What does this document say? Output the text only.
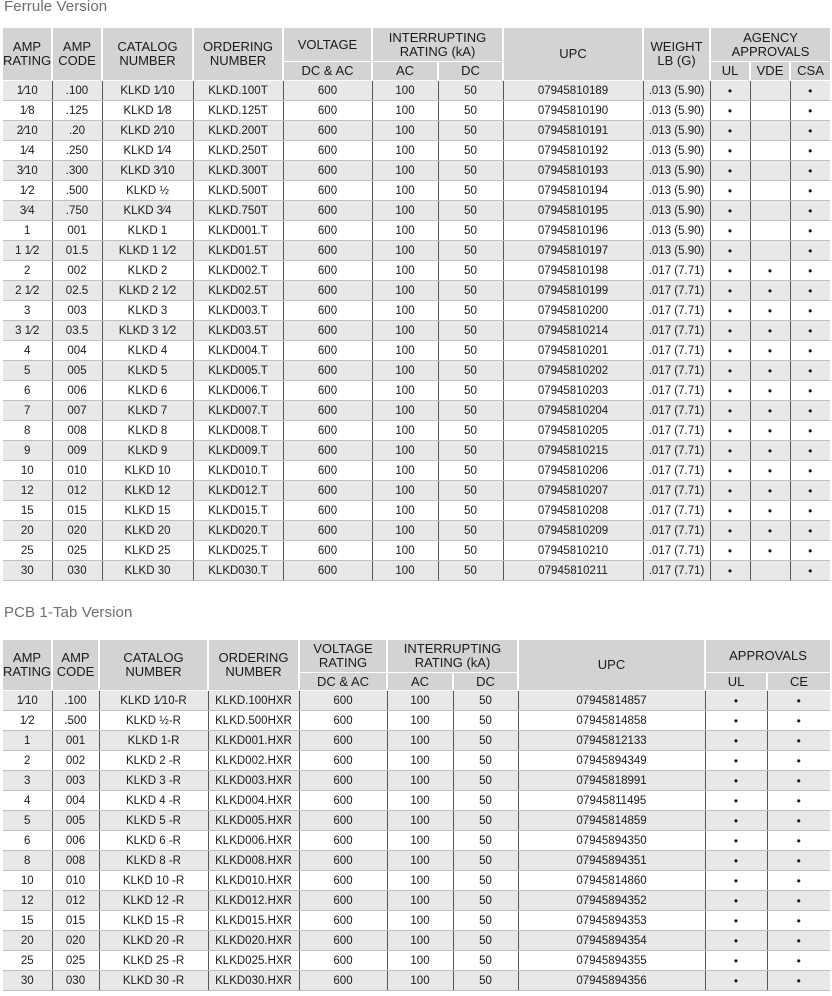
Ferrule Version
AMP RATING	AMP CODE	CATALOG NUMBER	ORDERING NUMBER	VOLTAGE	INTERRUPTING RATING (kA)		UPC	WEIGHT LB (G)	AGENCY APPROVALS		
				DC & AC	AC	DC			UL	VDE	CSA
1⁄10	.100	KLKD 1⁄10	KLKD.100T	600	100	50	07945810189	.013 (5.90)	•		•
1⁄8	.125	KLKD 1⁄8	KLKD.125T	600	100	50	07945810190	.013 (5.90)	•		•
2⁄10	.20	KLKD 2⁄10	KLKD.200T	600	100	50	07945810191	.013 (5.90)	•		•
1⁄4	.250	KLKD 1⁄4	KLKD.250T	600	100	50	07945810192	.013 (5.90)	•		•
3⁄10	.300	KLKD 3⁄10	KLKD.300T	600	100	50	07945810193	.013 (5.90)	•		•
1⁄2	.500	KLKD ½	KLKD.500T	600	100	50	07945810194	.013 (5.90)	•		•
3⁄4	.750	KLKD 3⁄4	KLKD.750T	600	100	50	07945810195	.013 (5.90)	•		•
1	001	KLKD 1	KLKD001.T	600	100	50	07945810196	.013 (5.90)	•		•
1 1⁄2	01.5	KLKD 1 1⁄2	KLKD01.5T	600	100	50	07945810197	.013 (5.90)	•		•
2	002	KLKD 2	KLKD002.T	600	100	50	07945810198	.017 (7.71)	•	•	•
2 1⁄2	02.5	KLKD 2 1⁄2	KLKD02.5T	600	100	50	07945810199	.017 (7.71)	•	•	•
3	003	KLKD 3	KLKD003.T	600	100	50	07945810200	.017 (7.71)	•	•	•
3 1⁄2	03.5	KLKD 3 1⁄2	KLKD03.5T	600	100	50	07945810214	.017 (7.71)	•	•	•
4	004	KLKD 4	KLKD004.T	600	100	50	07945810201	.017 (7.71)	•	•	•
5	005	KLKD 5	KLKD005.T	600	100	50	07945810202	.017 (7.71)	•	•	•
6	006	KLKD 6	KLKD006.T	600	100	50	07945810203	.017 (7.71)	•	•	•
7	007	KLKD 7	KLKD007.T	600	100	50	07945810204	.017 (7.71)	•	•	•
8	008	KLKD 8	KLKD008.T	600	100	50	07945810205	.017 (7.71)	•	•	•
9	009	KLKD 9	KLKD009.T	600	100	50	07945810215	.017 (7.71)	•	•	•
10	010	KLKD 10	KLKD010.T	600	100	50	07945810206	.017 (7.71)	•	•	•
12	012	KLKD 12	KLKD012.T	600	100	50	07945810207	.017 (7.71)	•	•	•
15	015	KLKD 15	KLKD015.T	600	100	50	07945810208	.017 (7.71)	•	•	•
20	020	KLKD 20	KLKD020.T	600	100	50	07945810209	.017 (7.71)	•	•	•
25	025	KLKD 25	KLKD025.T	600	100	50	07945810210	.017 (7.71)	•	•	•
30	030	KLKD 30	KLKD030.T	600	100	50	07945810211	.017 (7.71)	•		•
PCB 1-Tab Version
AMP RATING	AMP CODE	CATALOG NUMBER	ORDERING NUMBER	VOLTAGE RATING	INTERRUPTING RATING (kA)		UPC	APPROVALS	
				DC & AC	AC	DC		UL	CE
1⁄10	.100	KLKD 1⁄10-R	KLKD.100HXR	600	100	50	07945814857	•	•
1⁄2	.500	KLKD ½-R	KLKD.500HXR	600	100	50	07945814858	•	•
1	001	KLKD 1-R	KLKD001.HXR	600	100	50	07945812133	•	•
2	002	KLKD 2 -R	KLKD002.HXR	600	100	50	07945894349	•	•
3	003	KLKD 3 -R	KLKD003.HXR	600	100	50	07945818991	•	•
4	004	KLKD 4 -R	KLKD004.HXR	600	100	50	07945811495	•	•
5	005	KLKD 5 -R	KLKD005.HXR	600	100	50	07945814859	•	•
6	006	KLKD 6 -R	KLKD006.HXR	600	100	50	07945894350	•	•
8	008	KLKD 8 -R	KLKD008.HXR	600	100	50	07945894351	•	•
10	010	KLKD 10 -R	KLKD010.HXR	600	100	50	07945814860	•	•
12	012	KLKD 12 -R	KLKD012.HXR	600	100	50	07945894352	•	•
15	015	KLKD 15 -R	KLKD015.HXR	600	100	50	07945894353	•	•
20	020	KLKD 20 -R	KLKD020.HXR	600	100	50	07945894354	•	•
25	025	KLKD 25 -R	KLKD025.HXR	600	100	50	07945894355	•	•
30	030	KLKD 30 -R	KLKD030.HXR	600	100	50	07945894356	•	•
